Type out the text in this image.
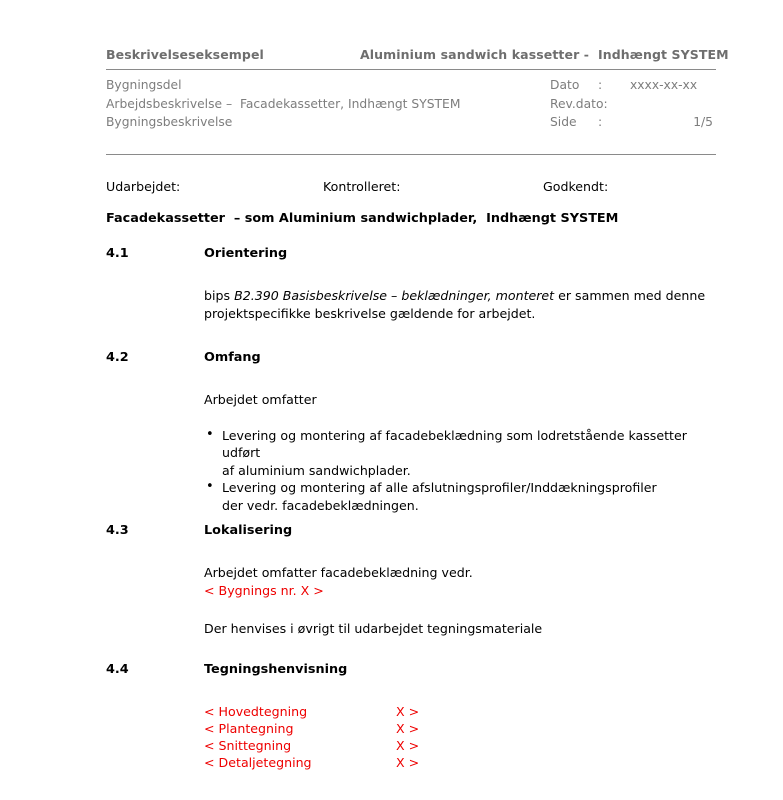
Beskrivelseseksempel	Aluminium sandwich kassetter -  Indhængt SYSTEM
Bygningsdel
Arbejdsbeskrivelse –  Facadekassetter, Indhængt SYSTEM
Bygningsbeskrivelse
Dato	:	xxxx-xx-xx
Rev.dato :
Side	:	1/5
Udarbejdet:	Kontrolleret:	Godkendt:
Facadekassetter  – som Aluminium sandwichplader,  Indhængt SYSTEM
4.1	Orientering

bips B2.390 Basisbeskrivelse – beklædninger, monteret er sammen med denne
projektspecifikke beskrivelse gældende for arbejdet.

4.2	Omfang

Arbejdet omfatter

• Levering og montering af facadebeklædning som lodretstående kassetter udført
af aluminium sandwichplader.
• Levering og montering af alle afslutningsprofiler/Inddækningsprofiler
der vedr. facadebeklædningen.
4.3	Lokalisering

Arbejdet omfatter facadebeklædning vedr.

< Bygnings nr. X >

Der henvises i øvrigt til udarbejdet tegningsmateriale

4.4	Tegningshenvisning
< Hovedtegning	X >
< Plantegning	X >
< Snittegning	X >
< Detaljetegning	X >
